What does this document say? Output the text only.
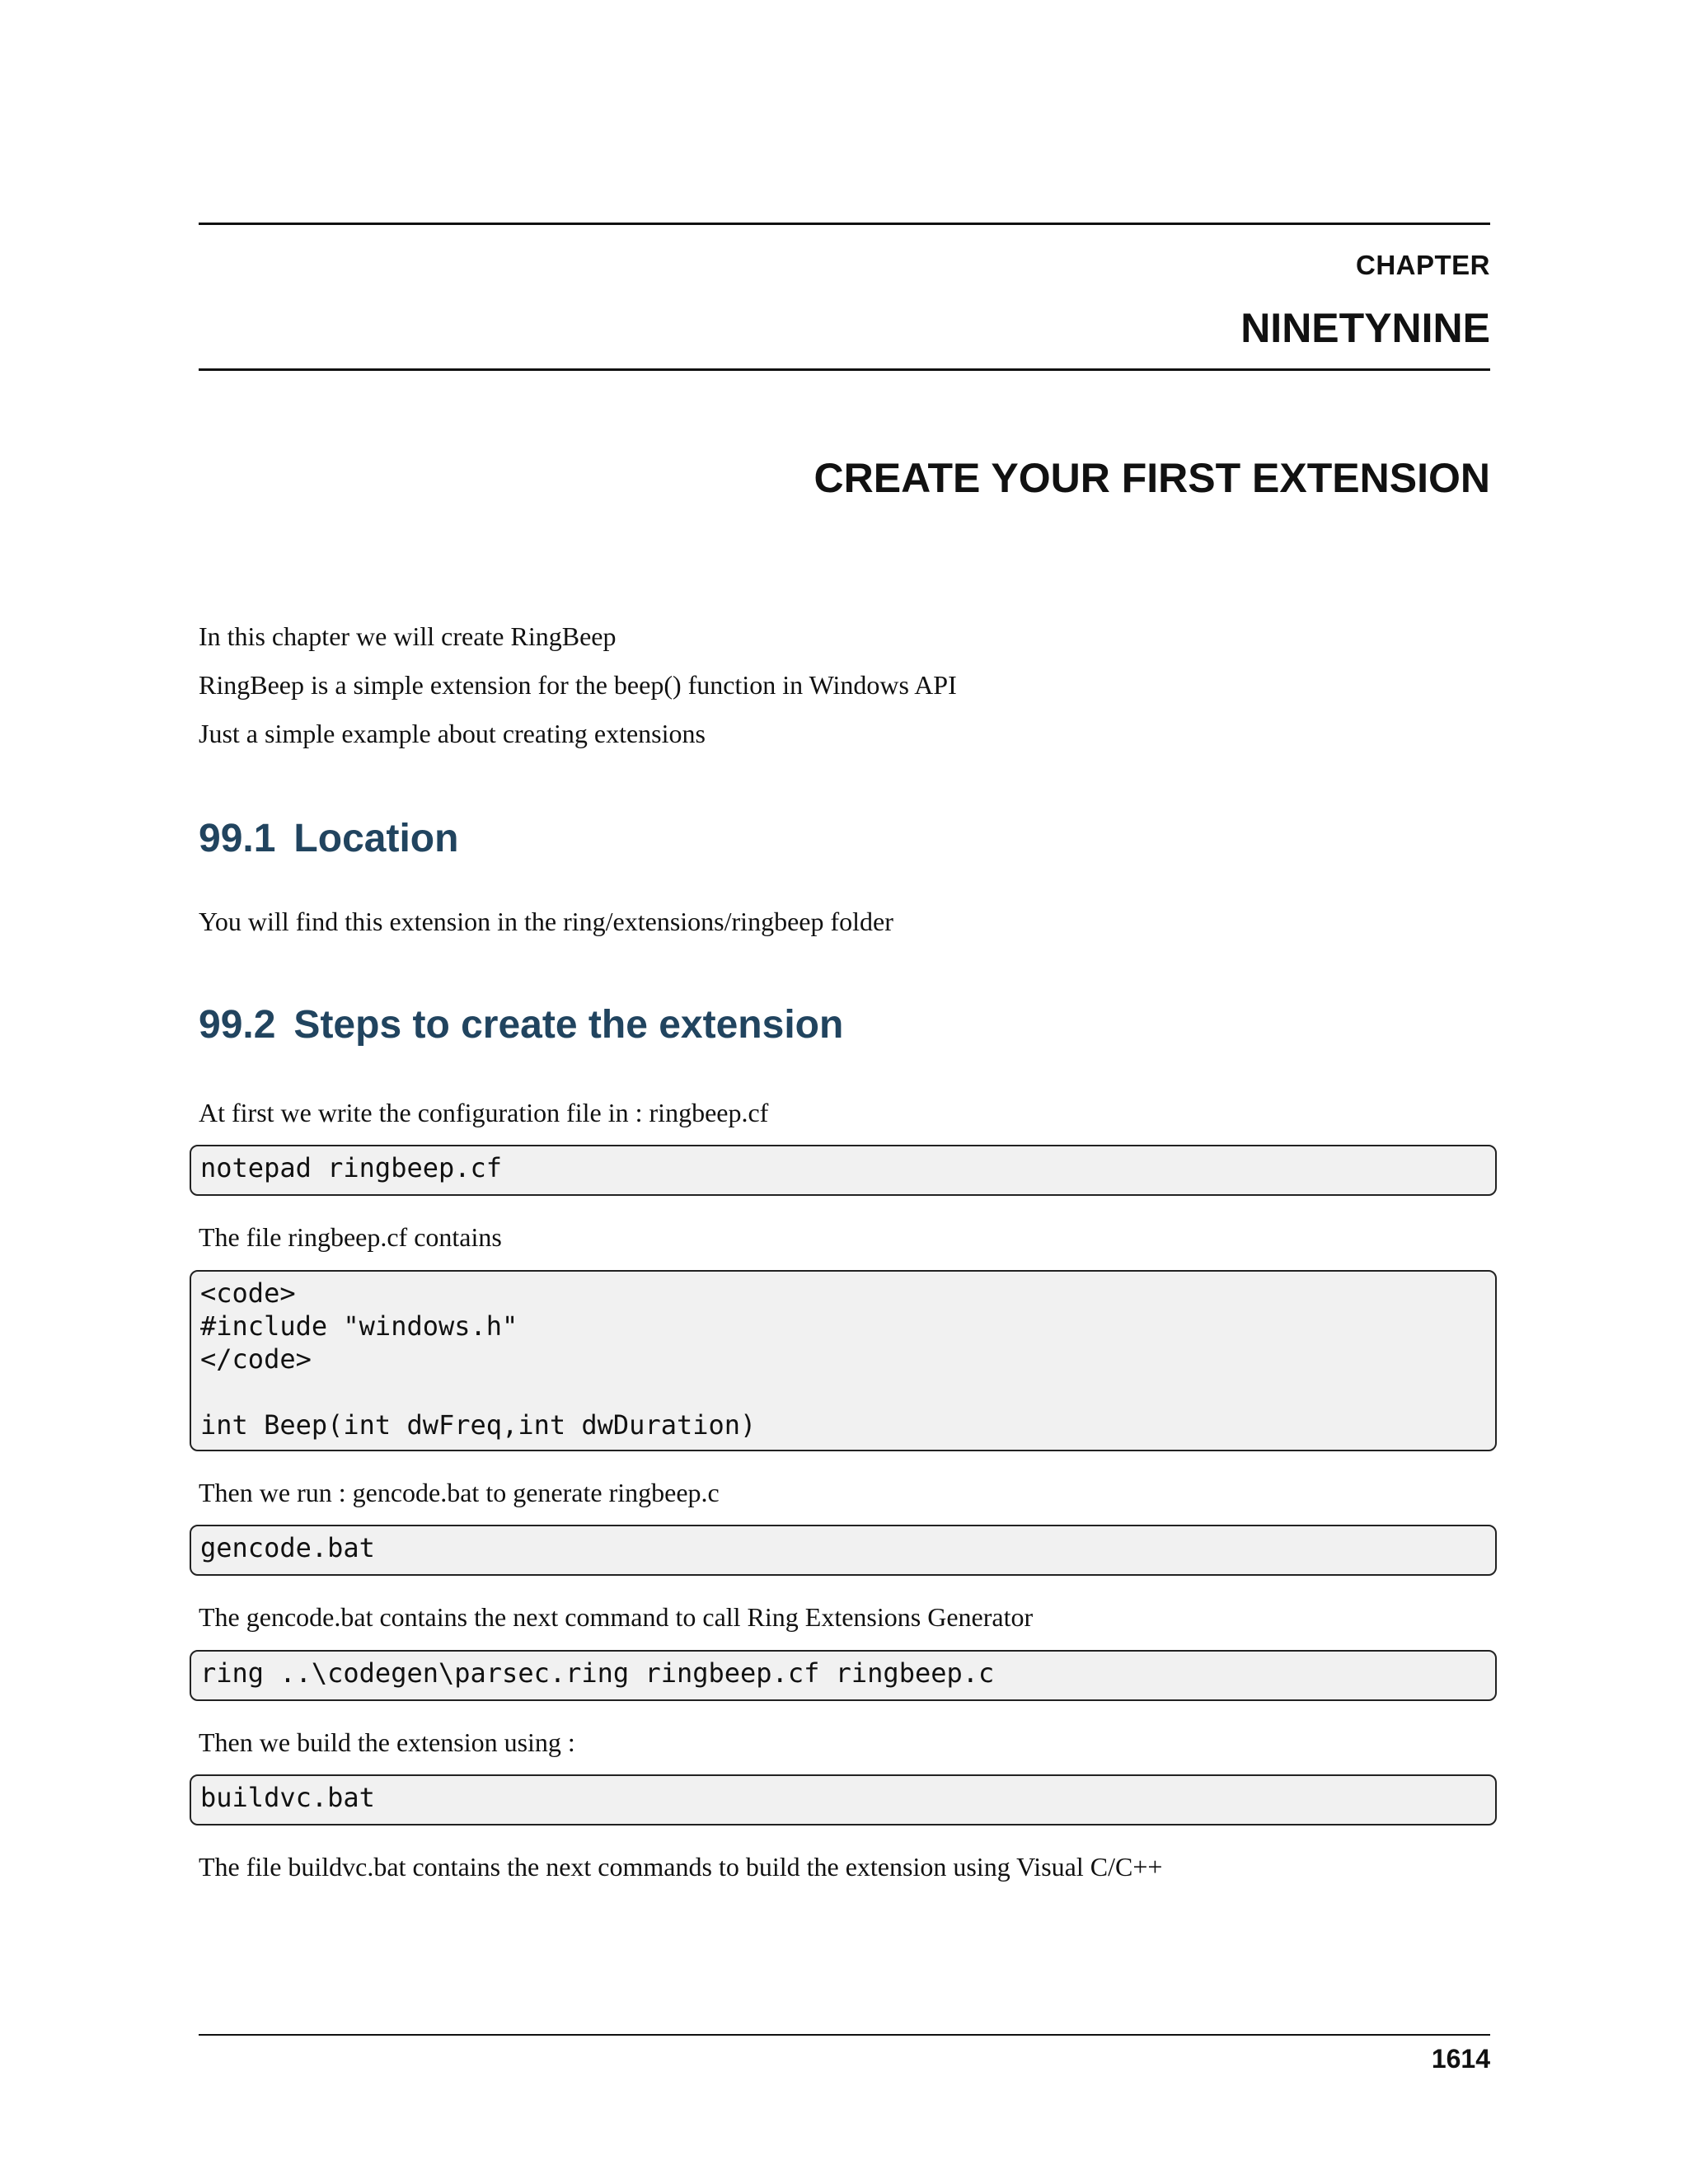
CHAPTER
NINETYNINE
CREATE YOUR FIRST EXTENSION

In this chapter we will create RingBeep

RingBeep is a simple extension for the beep() function in Windows API

Just a simple example about creating extensions

99.1 Location

You will find this extension in the ring/extensions/ringbeep folder

99.2 Steps to create the extension

At first we write the configuration file in : ringbeep.cf

notepad ringbeep.cf

The file ringbeep.cf contains

<code>
#include "windows.h"
</code>

int Beep(int dwFreq,int dwDuration)

Then we run : gencode.bat to generate ringbeep.c

gencode.bat

The gencode.bat contains the next command to call Ring Extensions Generator

ring ..\codegen\parsec.ring ringbeep.cf ringbeep.c

Then we build the extension using :

buildvc.bat

The file buildvc.bat contains the next commands to build the extension using Visual C/C++

1614
